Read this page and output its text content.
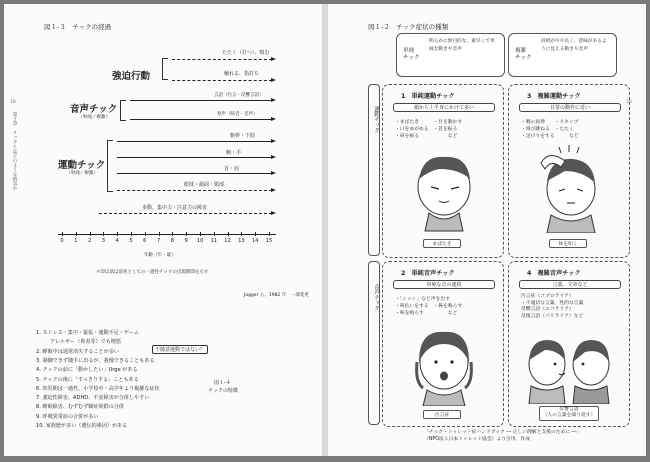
18
第１章　チックとはどのような病気か
図１-３　チックの経過
強迫行動
音声チック
（単純／複雑）
運動チック
（単純／複雑）
たたく（打つ）、嗅む
触れる、指打ち
言語（汚言・反響言語）
発声（咳音・音声）
躯幹・下肢
腕・手
首・肩
眼球・顔面・頸部
多動、集中力・注意力の障害
0	1	2	3	4	5	6	7	8	9	10	11	12	13	14	15
年齢（年・歳）
＊印以前は前兆としての一過性チックの出現期間を示す
Jagger ら、1982 年　一部変更
1. ストレス・集中・緊張・運動不足・ゲーム
アレルギー（鼻炎等）でも増悪
2. 睡眠中は通常消失することが多い
3. 制御できず随手に出るが、我慢できることもある
4. チックの前に「動かしたい」Urge がある
5. チックの後に「すっきりする」こともある
6. 幼児期は一過性、小学校中・高学年より複雑な症状
7. 強迫性障害、ADHD、不安障害が合併しやすい
8. 睡眠障害、むずむず脚症候群の合併
9. 呼吸異常症の合併が多い
10. 家族歴が多い（遺伝的素因）がある
不随意運動ではない？
図１-４
チックの特徴
20
図１-２　チック症状の種類
単純
チック
明らかに無目的な、素早くて単純な動きや音声	複雑
チック
持続がやや長く、意味があるように見える動きや音声
運動チック
音声チック
1　 単純運動チック
顔から上半身にかけて多い
・まばたき　　　・目を動かす
・口をゆがめる　・首を振る
・肩を振る　　　　　　など
まばたき
3　 複雑運動チック
日常の動作に近い
・腕の屈伸　　・スキップ
・飛び跳ねる　・たたく
・足けりをする　　　など
体を叩く
2　 単純音声チック
単純な音の連続
・「シッン」など声を出す
・咳払いをする　・鼻を鳴らす
・咳を鳴らす　　　　　など
汚言症
4　 複雑音声チック
言葉、文章など
汚言症（コプロラリア）
・不適切な言葉、性的な言葉
反響言語（エコラリア）
反復言語（パリラリア）など
反響言語
（人の言葉を繰り返す）
「チック・トゥレット症ハンドブック ― 正しい理解と支援のために ―」
（NPO法人日本トゥレット協会）より引用、作成
